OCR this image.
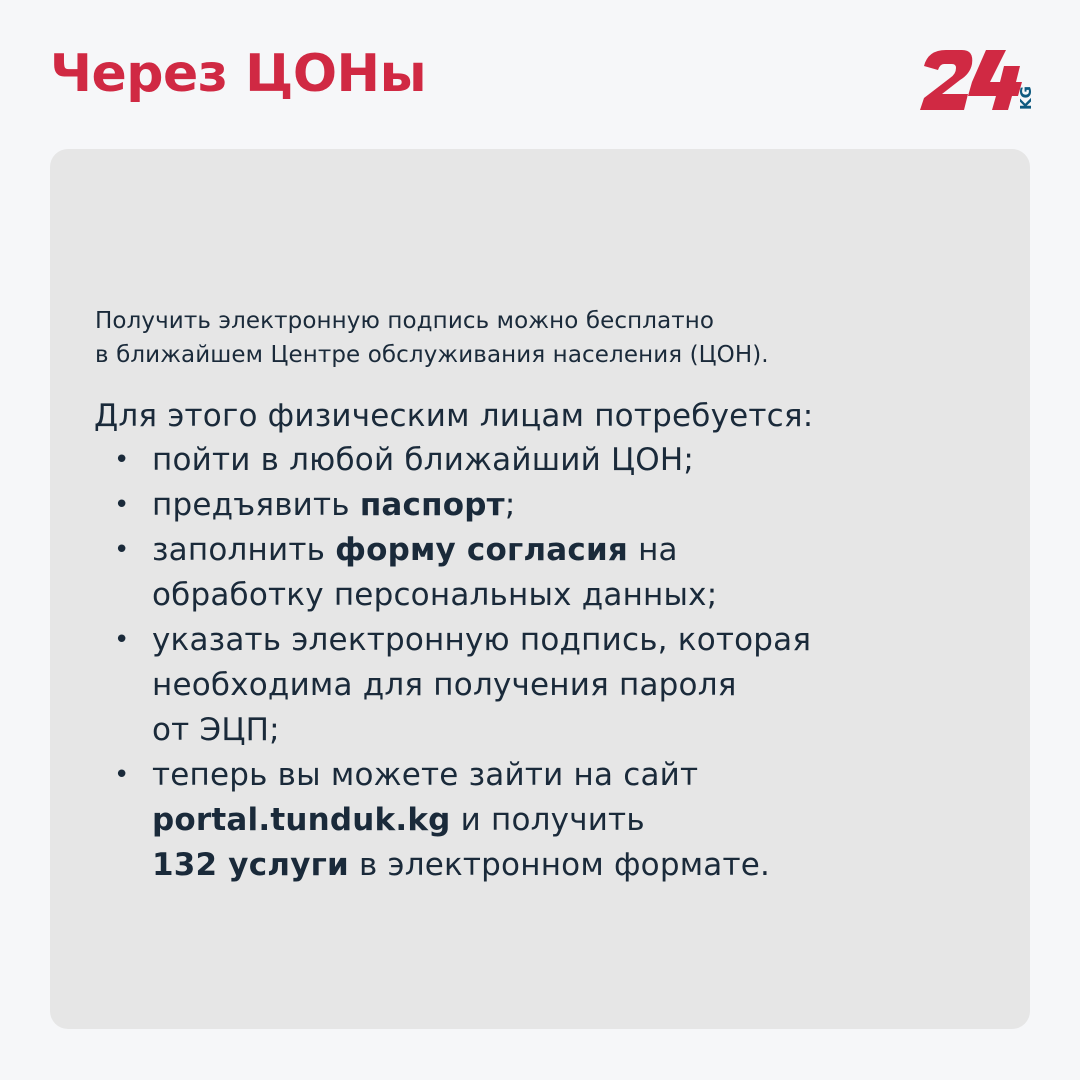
Через ЦОНы	KG

Получить электронную подпись можно бесплатно
в ближайшем Центре обслуживания населения (ЦОН).

Для этого физическим лицам потребуется:

• пойти в любой ближайший ЦОН;
• предъявить паспорт;
• заполнить форму согласия на
обработку персональных данных;
• указать электронную подпись, которая
необходима для получения пароля
от ЭЦП;
• теперь вы можете зайти на сайт
portal.tunduk.kg и получить
132 услуги в электронном формате.
